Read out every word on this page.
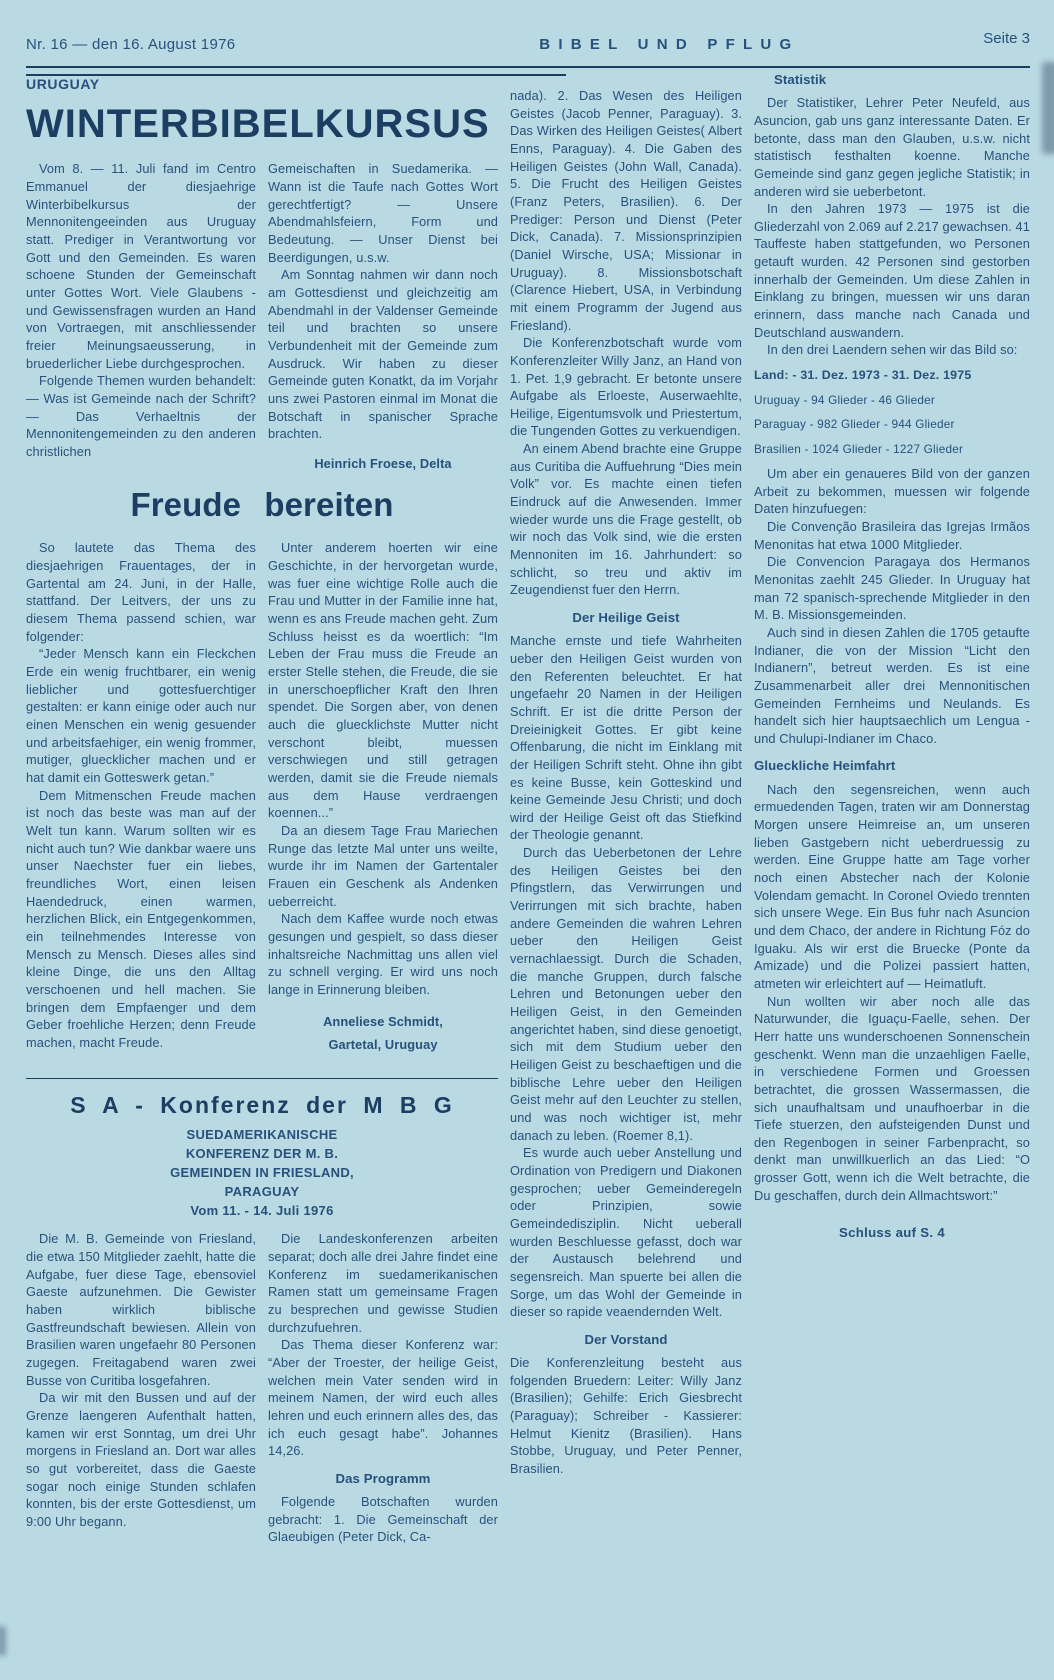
Nr. 16 — den 16. August 1976	BIBEL UND PFLUG	Seite 3
URUGUAY
WINTERBIBELKURSUS

Vom 8. — 11. Juli fand im Centro Emmanuel der diesjaehrige Winterbibelkursus der Mennonitengeeinden aus Uruguay statt. Prediger in Verantwortung vor Gott und den Gemeinden. Es waren schoene Stunden der Gemeinschaft unter Gottes Wort. Viele Glaubens - und Gewissensfragen wurden an Hand von Vortraegen, mit anschliessender freier Meinungsaeusserung, in bruederlicher Liebe durchgesprochen.

Folgende Themen wurden behandelt: — Was ist Gemeinde nach der Schrift? — Das Verhaeltnis der Mennonitengemeinden zu den anderen christlichen

Gemeischaften in Suedamerika. — Wann ist die Taufe nach Gottes Wort gerechtfertigt? — Unsere Abendmahlsfeiern, Form und Bedeutung. — Unser Dienst bei Beerdigungen, u.s.w.

Am Sonntag nahmen wir dann noch am Gottesdienst und gleichzeitig am Abendmahl in der Valdenser Gemeinde teil und brachten so unsere Verbundenheit mit der Gemeinde zum Ausdruck. Wir haben zu dieser Gemeinde guten Konatkt, da im Vorjahr uns zwei Pastoren einmal im Monat die Botschaft in spanischer Sprache brachten.

Heinrich Froese, Delta
Freude bereiten

So lautete das Thema des diesjaehrigen Frauentages, der in Gartental am 24. Juni, in der Halle, stattfand. Der Leitvers, der uns zu diesem Thema passend schien, war folgender:

“Jeder Mensch kann ein Fleckchen Erde ein wenig fruchtbarer, ein wenig lieblicher und gottesfuerchtiger gestalten: er kann einige oder auch nur einen Menschen ein wenig gesuender und arbeitsfaehiger, ein wenig frommer, mutiger, gluecklicher machen und er hat damit ein Gotteswerk getan.”

Dem Mitmenschen Freude machen ist noch das beste was man auf der Welt tun kann. Warum sollten wir es nicht auch tun? Wie dankbar waere uns unser Naechster fuer ein liebes, freundliches Wort, einen leisen Haendedruck, einen warmen, herzlichen Blick, ein Entgegenkommen, ein teilnehmendes Interesse von Mensch zu Mensch. Dieses alles sind kleine Dinge, die uns den Alltag verschoenen und hell machen. Sie bringen dem Empfaenger und dem Geber froehliche Herzen; denn Freude machen, macht Freude.

Unter anderem hoerten wir eine Geschichte, in der hervorgetan wurde, was fuer eine wichtige Rolle auch die Frau und Mutter in der Familie inne hat, wenn es ans Freude machen geht. Zum Schluss heisst es da woertlich: “Im Leben der Frau muss die Freude an erster Stelle stehen, die Freude, die sie in unerschoepflicher Kraft den Ihren spendet. Die Sorgen aber, von denen auch die gluecklichste Mutter nicht verschont bleibt, muessen verschwiegen und still getragen werden, damit sie die Freude niemals aus dem Hause verdraengen koennen...”

Da an diesem Tage Frau Mariechen Runge das letzte Mal unter uns weilte, wurde ihr im Namen der Gartentaler Frauen ein Geschenk als Andenken ueberreicht.

Nach dem Kaffee wurde noch etwas gesungen und gespielt, so dass dieser inhaltsreiche Nachmittag uns allen viel zu schnell verging. Er wird uns noch lange in Erinnerung bleiben.

Anneliese Schmidt,
Gartetal, Uruguay
S A - Konferenz der M B G
SUEDAMERIKANISCHE
KONFERENZ DER M. B.
GEMEINDEN IN FRIESLAND,
PARAGUAY
Vom 11. - 14. Juli 1976

Die M. B. Gemeinde von Friesland, die etwa 150 Mitglieder zaehlt, hatte die Aufgabe, fuer diese Tage, ebensoviel Gaeste aufzunehmen. Die Gewister haben wirklich biblische Gastfreundschaft bewiesen. Allein von Brasilien waren ungefaehr 80 Personen zugegen. Freitagabend waren zwei Busse von Curitiba losgefahren.

Da wir mit den Bussen und auf der Grenze laengeren Aufenthalt hatten, kamen wir erst Sonntag, um drei Uhr morgens in Friesland an. Dort war alles so gut vorbereitet, dass die Gaeste sogar noch einige Stunden schlafen konnten, bis der erste Gottesdienst, um 9:00 Uhr begann.

Die Landeskonferenzen arbeiten separat; doch alle drei Jahre findet eine Konferenz im suedamerikanischen Ramen statt um gemeinsame Fragen zu besprechen und gewisse Studien durchzufuehren.

Das Thema dieser Konferenz war: “Aber der Troester, der heilige Geist, welchen mein Vater senden wird in meinem Namen, der wird euch alles lehren und euch erinnern alles des, das ich euch gesagt habe”. Johannes 14,26.

Das Programm

Folgende Botschaften wurden gebracht: 1. Die Gemeinschaft der Glaeubigen (Peter Dick, Ca-

nada). 2. Das Wesen des Heiligen Geistes (Jacob Penner, Paraguay). 3. Das Wirken des Heiligen Geistes( Albert Enns, Paraguay). 4. Die Gaben des Heiligen Geistes (John Wall, Canada). 5. Die Frucht des Heiligen Geistes (Franz Peters, Brasilien). 6. Der Prediger: Person und Dienst (Peter Dick, Canada). 7. Missionsprinzipien (Daniel Wirsche, USA; Missionar in Uruguay). 8. Missionsbotschaft (Clarence Hiebert, USA, in Verbindung mit einem Programm der Jugend aus Friesland).

Die Konferenzbotschaft wurde vom Konferenzleiter Willy Janz, an Hand von 1. Pet. 1,9 gebracht. Er betonte unsere Aufgabe als Erloeste, Auserwaehlte, Heilige, Eigentumsvolk und Priestertum, die Tungenden Gottes zu verkuendigen.

An einem Abend brachte eine Gruppe aus Curitiba die Auffuehrung “Dies mein Volk” vor. Es machte einen tiefen Eindruck auf die Anwesenden. Immer wieder wurde uns die Frage gestellt, ob wir noch das Volk sind, wie die ersten Mennoniten im 16. Jahrhundert: so schlicht, so treu und aktiv im Zeugendienst fuer den Herrn.

Der Heilige Geist

Manche ernste und tiefe Wahrheiten ueber den Heiligen Geist wurden von den Referenten beleuchtet. Er hat ungefaehr 20 Namen in der Heiligen Schrift. Er ist die dritte Person der Dreieinigkeit Gottes. Er gibt keine Offenbarung, die nicht im Einklang mit der Heiligen Schrift steht. Ohne ihn gibt es keine Busse, kein Gotteskind und keine Gemeinde Jesu Christi; und doch wird der Heilige Geist oft das Stiefkind der Theologie genannt.

Durch das Ueberbetonen der Lehre des Heiligen Geistes bei den Pfingstlern, das Verwirrungen und Verirrungen mit sich brachte, haben andere Gemeinden die wahren Lehren ueber den Heiligen Geist vernachlaessigt. Durch die Schaden, die manche Gruppen, durch falsche Lehren und Betonungen ueber den Heiligen Geist, in den Gemeinden angerichtet haben, sind diese genoetigt, sich mit dem Studium ueber den Heiligen Geist zu beschaeftigen und die biblische Lehre ueber den Heiligen Geist mehr auf den Leuchter zu stellen, und was noch wichtiger ist, mehr danach zu leben. (Roemer 8,1).

Es wurde auch ueber Anstellung und Ordination von Predigern und Diakonen gesprochen; ueber Gemeinderegeln oder Prinzipien, sowie Gemeindedisziplin. Nicht ueberall wurden Beschluesse gefasst, doch war der Austausch belehrend und segensreich. Man spuerte bei allen die Sorge, um das Wohl der Gemeinde in dieser so rapide veaendernden Welt.

Der Vorstand

Die Konferenzleitung besteht aus folgenden Bruedern: Leiter: Willy Janz (Brasilien); Gehilfe: Erich Giesbrecht (Paraguay); Schreiber - Kassierer: Helmut Kienitz (Brasilien). Hans Stobbe, Uruguay, und Peter Penner, Brasilien.

Statistik

Der Statistiker, Lehrer Peter Neufeld, aus Asuncion, gab uns ganz interessante Daten. Er betonte, dass man den Glauben, u.s.w. nicht statistisch festhalten koenne. Manche Gemeinde sind ganz gegen jegliche Statistik; in anderen wird sie ueberbetont.

In den Jahren 1973 — 1975 ist die Gliederzahl von 2.069 auf 2.217 gewachsen. 41 Tauffeste haben stattgefunden, wo Personen getauft wurden. 42 Personen sind gestorben innerhalb der Gemeinden. Um diese Zahlen in Einklang zu bringen, muessen wir uns daran erinnern, dass manche nach Canada und Deutschland auswandern.

In den drei Laendern sehen wir das Bild so:

Land: - 31. Dez. 1973 - 31. Dez. 1975
Uruguay - 94 Glieder - 46 Glieder
Paraguay - 982 Glieder - 944 Glieder
Brasilien - 1024 Glieder - 1227 Glieder

Um aber ein genaueres Bild von der ganzen Arbeit zu bekommen, muessen wir folgende Daten hinzufuegen:

Die Convenção Brasileira das Igrejas Irmãos Menonitas hat etwa 1000 Mitglieder.

Die Convencion Paragaya dos Hermanos Menonitas zaehlt 245 Glieder. In Uruguay hat man 72 spanisch-sprechende Mitglieder in den M. B. Missionsgemeinden.

Auch sind in diesen Zahlen die 1705 getaufte Indianer, die von der Mission “Licht den Indianern”, betreut werden. Es ist eine Zusammenarbeit aller drei Mennonitischen Gemeinden Fernheims und Neulands. Es handelt sich hier hauptsaechlich um Lengua - und Chulupi-Indianer im Chaco.

Glueckliche Heimfahrt

Nach den segensreichen, wenn auch ermuedenden Tagen, traten wir am Donnerstag Morgen unsere Heimreise an, um unseren lieben Gastgebern nicht ueberdruessig zu werden. Eine Gruppe hatte am Tage vorher noch einen Abstecher nach der Kolonie Volendam gemacht. In Coronel Oviedo trennten sich unsere Wege. Ein Bus fuhr nach Asuncion und dem Chaco, der andere in Richtung Fóz do Iguaku. Als wir erst die Bruecke (Ponte da Amizade) und die Polizei passiert hatten, atmeten wir erleichtert auf — Heimatluft.

Nun wollten wir aber noch alle das Naturwunder, die Iguaçu-Faelle, sehen. Der Herr hatte uns wunderschoenen Sonnenschein geschenkt. Wenn man die unzaehligen Faelle, in verschiedene Formen und Groessen betrachtet, die grossen Wassermassen, die sich unaufhaltsam und unaufhoerbar in die Tiefe stuerzen, den aufsteigenden Dunst und den Regenbogen in seiner Farbenpracht, so denkt man unwillkuerlich an das Lied: “O grosser Gott, wenn ich die Welt betrachte, die Du geschaffen, durch dein Allmachtswort:”

Schluss auf S. 4
